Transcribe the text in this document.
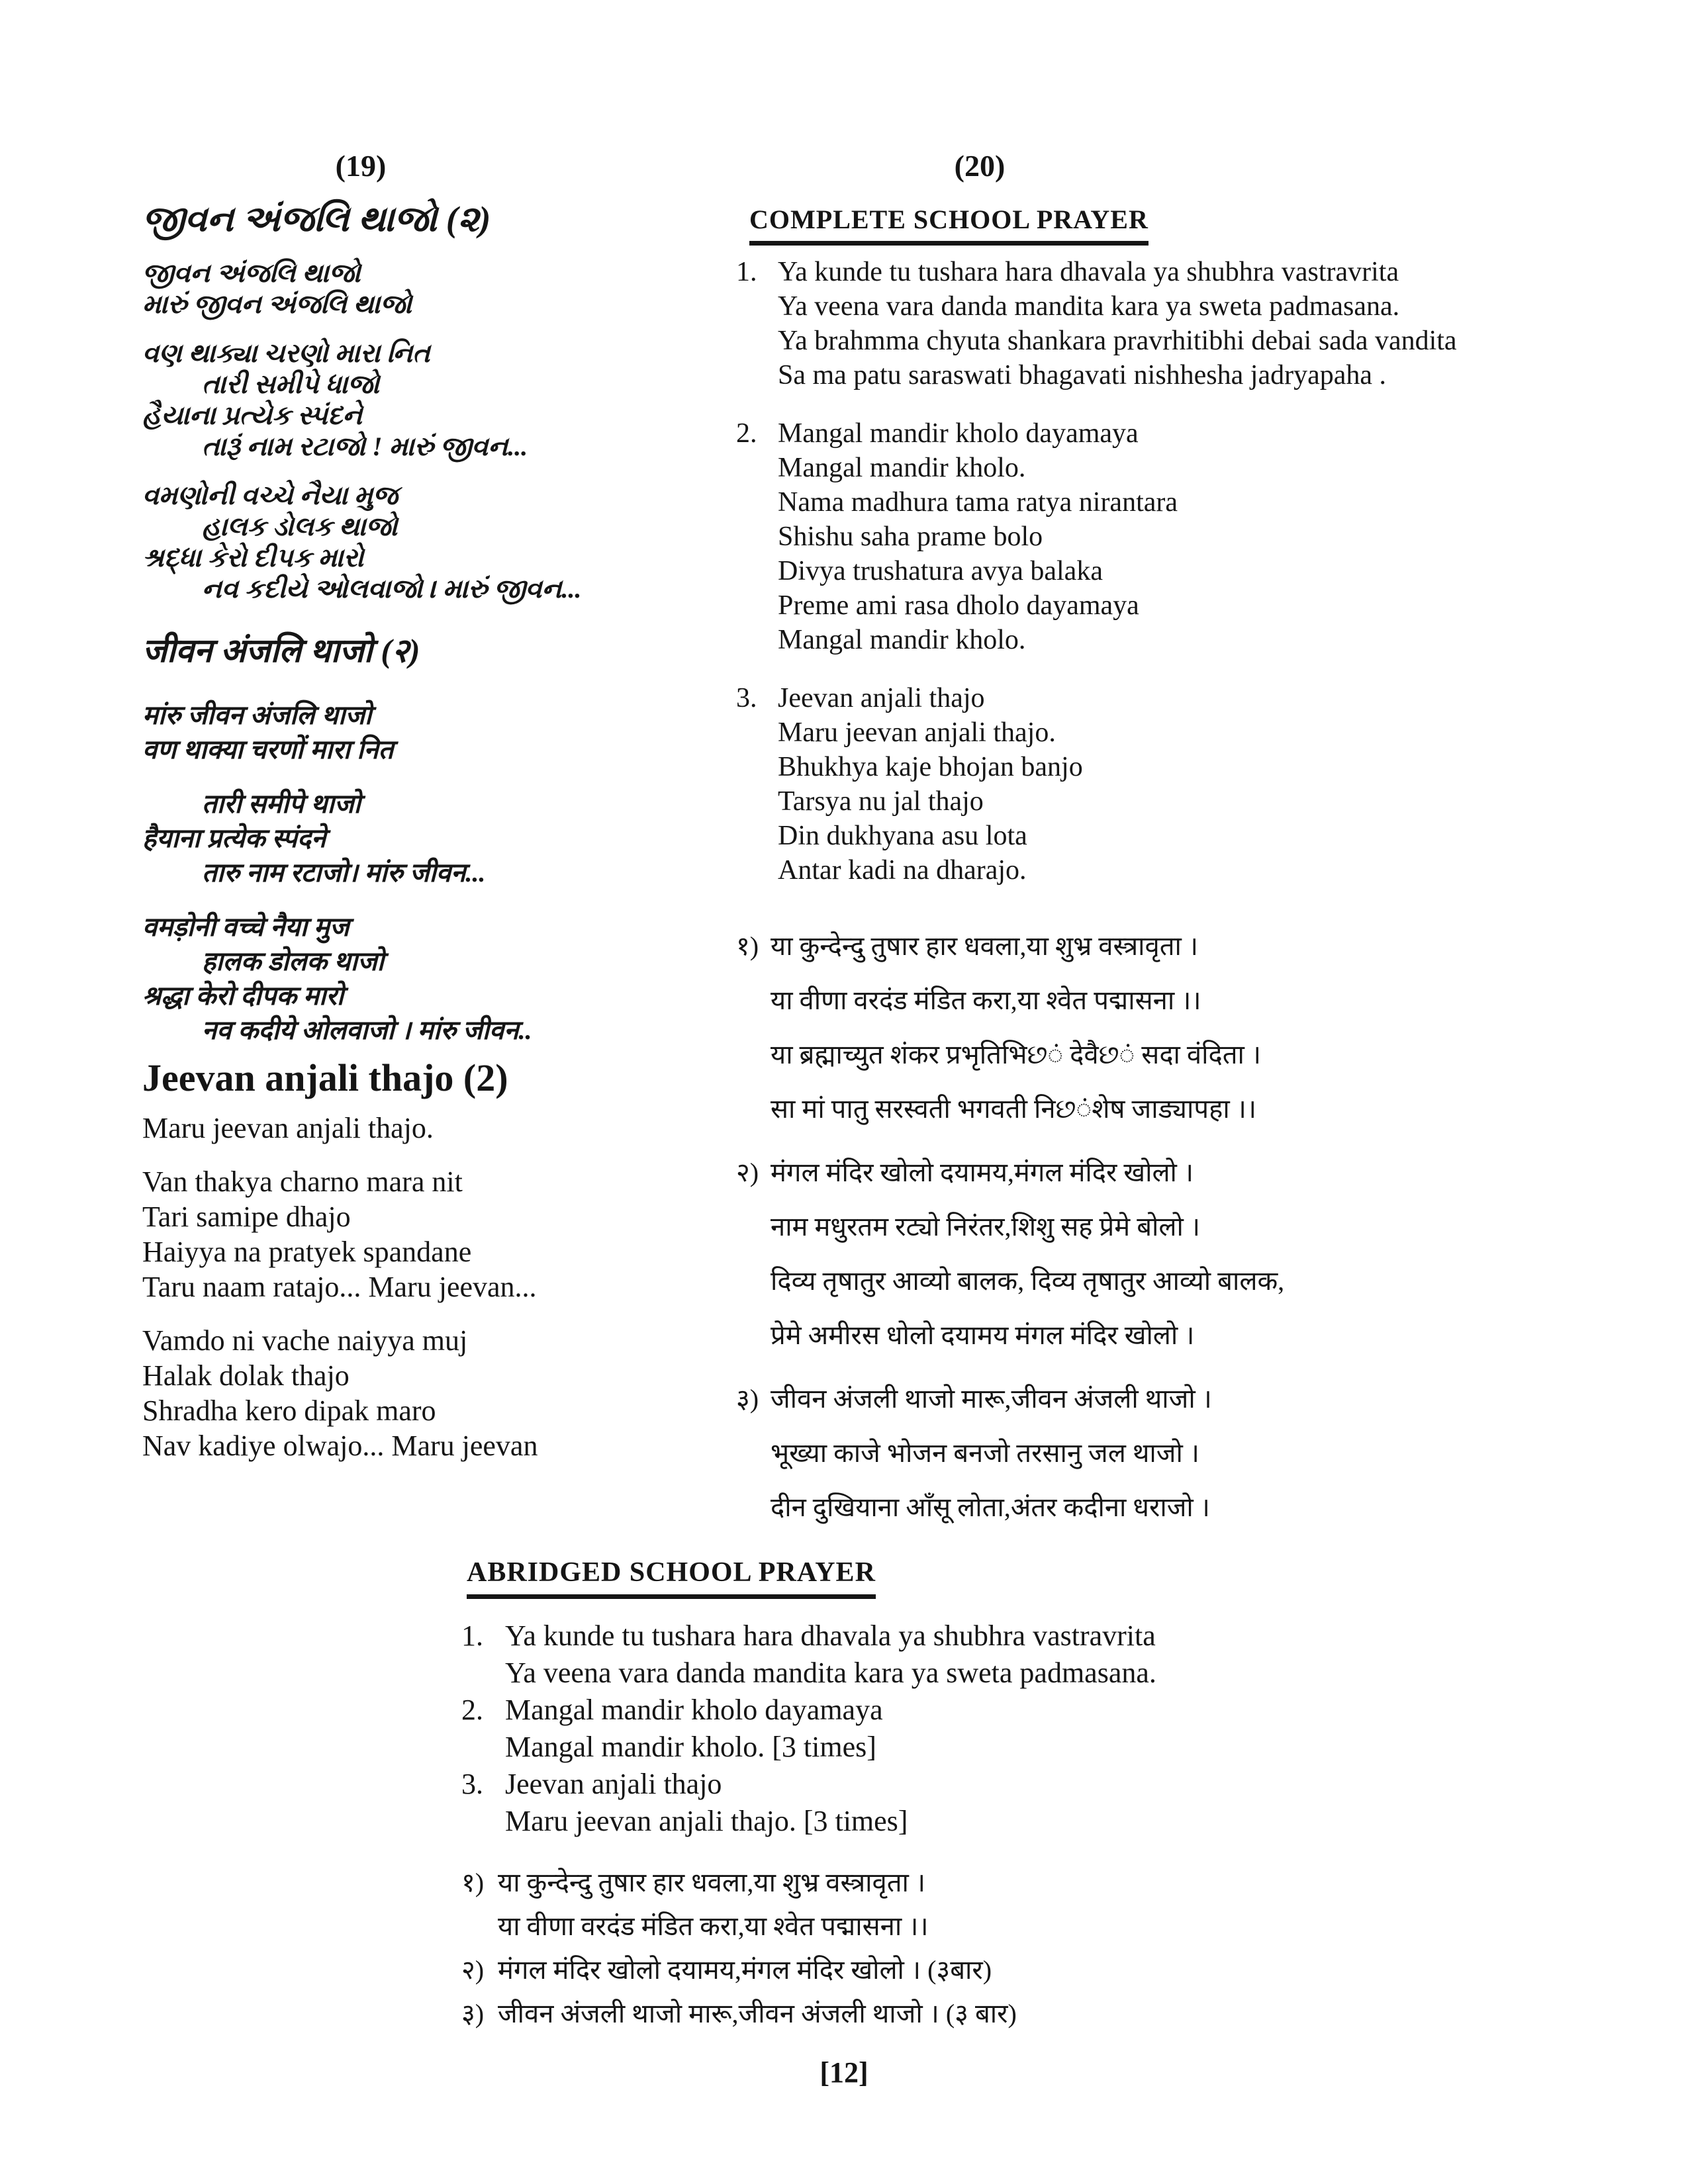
(19)	(20)
જીવન અંજલિ થાજો (૨)
જીવન અંજલિ થાજો
મારું જીવન અંજલિ થાજો
વણ થાક્યા ચરણો મારા નિત
તારી સમીપે ધાજો
હૈયાના પ્રત્યેક સ્પંદને
તારૂં નામ રટાજો ! મારું જીવન...
વમણોની વચ્ચે નૈયા મુજ
હાલક ડોલક થાજો
શ્રદ્ધા કેરો દીપક મારો
નવ કદીયે ઓલવાજો । મારું જીવન...
जीवन अंजलि थाजो (२)
मांरु जीवन अंजलि थाजो
वण थाक्या चरणों मारा नित
तारी समीपे थाजो
हैयाना प्रत्येक स्पंदने
तारु नाम रटाजो। मांरु जीवन...
वमड़ोनी वच्चे नैया मुज
हालक डोलक थाजो
श्रद्धा केरो दीपक मारो
नव कदीये ओलवाजो । मांरु जीवन..
Jeevan anjali thajo (2)
Maru jeevan anjali thajo.
Van thakya charno mara nit
Tari samipe dhajo
Haiyya na pratyek spandane
Taru naam ratajo... Maru jeevan...
Vamdo ni vache naiyya muj
Halak dolak thajo
Shradha kero dipak maro
Nav kadiye olwajo... Maru jeevan
COMPLETE SCHOOL PRAYER
1. Ya kunde tu tushara hara dhavala ya shubhra vastravrita
Ya veena vara danda mandita kara ya sweta padmasana.
Ya brahmma chyuta shankara pravrhitibhi debai sada vandita
Sa ma patu saraswati bhagavati nishhesha jadryapaha .
2. Mangal mandir kholo dayamaya
Mangal mandir kholo.
Nama madhura tama ratya nirantara
Shishu saha prame bolo
Divya trushatura avya balaka
Preme ami rasa dholo dayamaya
Mangal mandir kholo.
3. Jeevan anjali thajo
Maru jeevan anjali thajo.
Bhukhya kaje bhojan banjo
Tarsya nu jal thajo
Din dukhyana asu lota
Antar kadi na dharajo.
१) या कुन्देन्दु तुषार हार धवला,या शुभ्र वस्त्रावृता ।
या वीणा वरदंड मंडित करा,या श्वेत पद्मासना ।।
या ब्रह्माच्युत शंकर प्रभृतिभिછं देवैછं सदा वंदिता ।
सा मां पातु सरस्वती भगवती निછंशेष जाड्यापहा ।।
२) मंगल मंदिर खोलो दयामय,मंगल मंदिर खोलो ।
नाम मधुरतम रट्यो निरंतर,शिशु सह प्रेमे बोलो ।
दिव्य तृषातुर आव्यो बालक, दिव्य तृषातुर आव्यो बालक,
प्रेमे अमीरस धोलो दयामय मंगल मंदिर खोलो ।
३) जीवन अंजली थाजो मारू,जीवन अंजली थाजो ।
भूख्या काजे भोजन बनजो तरसानु जल थाजो ।
दीन दुखियाना आँसू लोता,अंतर कदीना धराजो ।
ABRIDGED SCHOOL PRAYER
1. Ya kunde tu tushara hara dhavala ya shubhra vastravrita
Ya veena vara danda mandita kara ya sweta padmasana.
2. Mangal mandir kholo dayamaya
Mangal mandir kholo. [3 times]
3. Jeevan anjali thajo
Maru jeevan anjali thajo. [3 times]
१) या कुन्देन्दु तुषार हार धवला,या शुभ्र वस्त्रावृता ।
या वीणा वरदंड मंडित करा,या श्वेत पद्मासना ।।
२) मंगल मंदिर खोलो दयामय,मंगल मंदिर खोलो । (३बार)
३) जीवन अंजली थाजो मारू,जीवन अंजली थाजो । (३ बार)
[12]
